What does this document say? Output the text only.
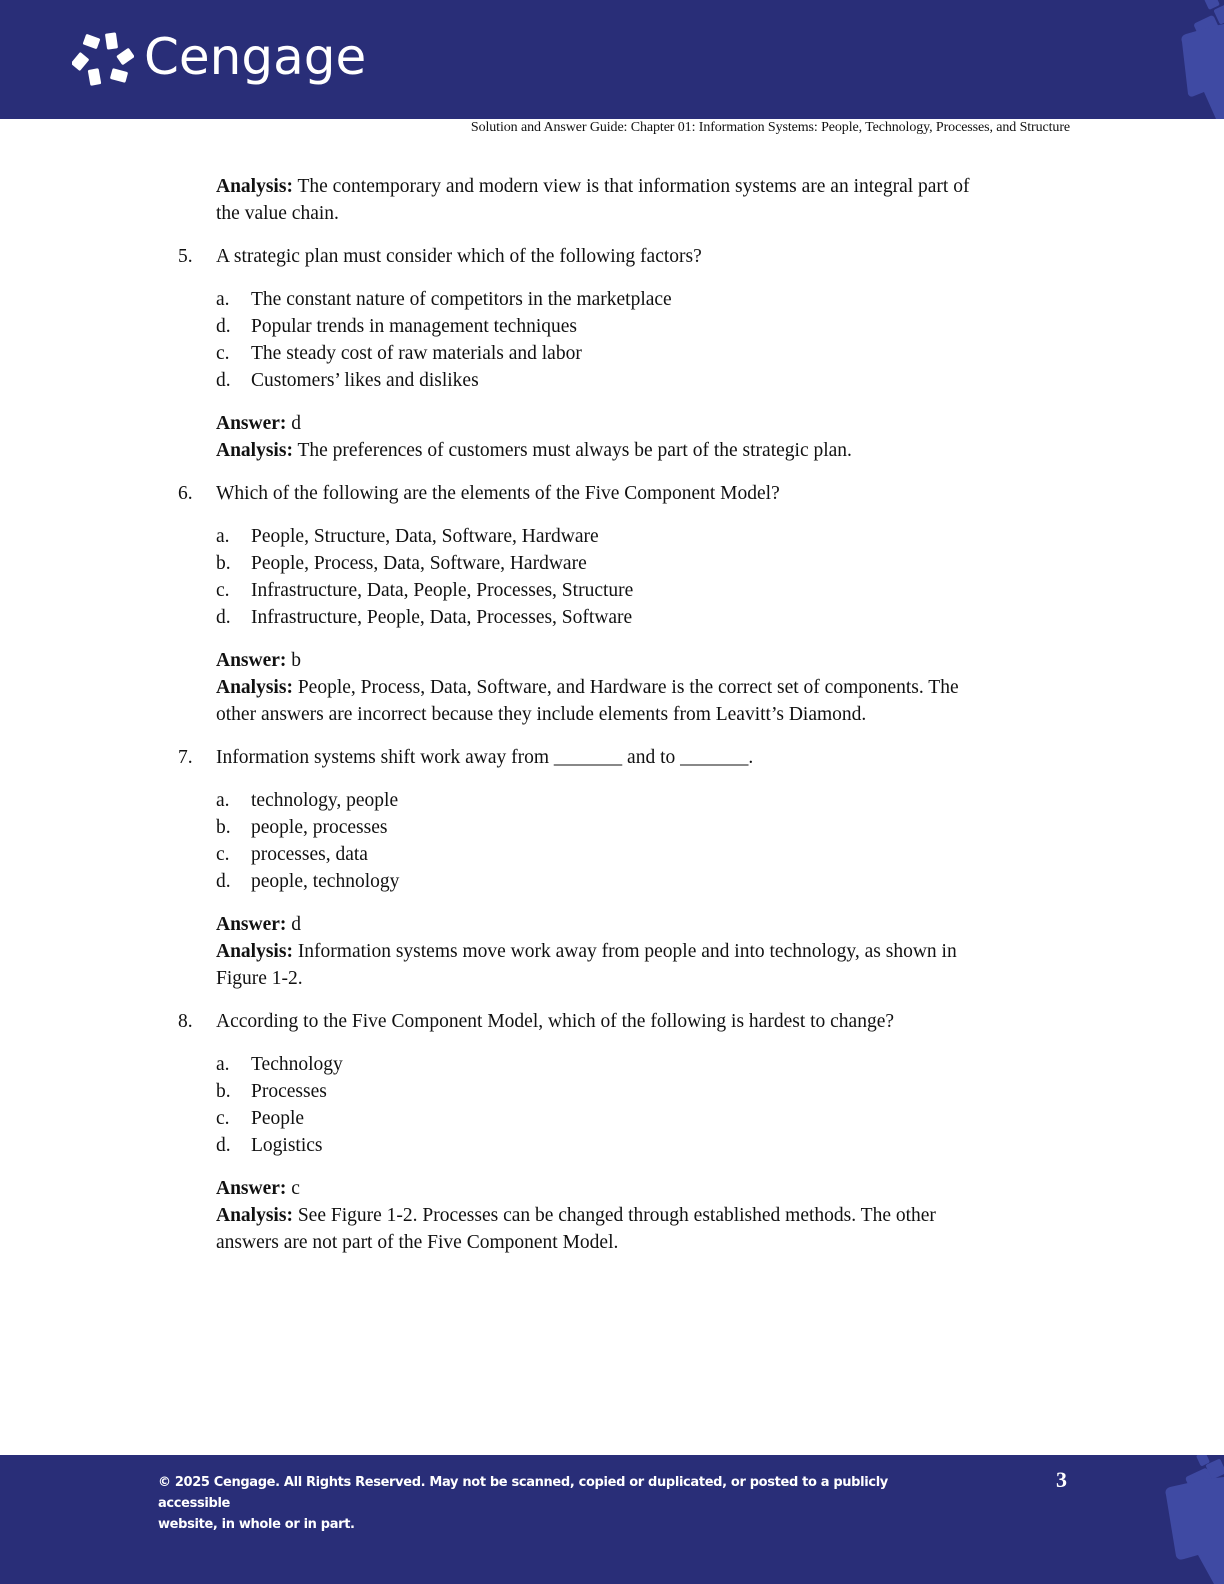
Cengage
Solution and Answer Guide: Chapter 01: Information Systems: People, Technology, Processes, and Structure
Analysis: The contemporary and modern view is that information systems are an integral part of
the value chain.
5. A strategic plan must consider which of the following factors?
a. The constant nature of competitors in the marketplace
d. Popular trends in management techniques
c. The steady cost of raw materials and labor
d. Customers’ likes and dislikes
Answer: d
Analysis: The preferences of customers must always be part of the strategic plan.
6. Which of the following are the elements of the Five Component Model?
a. People, Structure, Data, Software, Hardware
b. People, Process, Data, Software, Hardware
c. Infrastructure, Data, People, Processes, Structure
d. Infrastructure, People, Data, Processes, Software
Answer: b
Analysis: People, Process, Data, Software, and Hardware is the correct set of components. The
other answers are incorrect because they include elements from Leavitt’s Diamond.
7. Information systems shift work away from _______ and to _______.
a. technology, people
b. people, processes
c. processes, data
d. people, technology
Answer: d
Analysis: Information systems move work away from people and into technology, as shown in
Figure 1-2.
8. According to the Five Component Model, which of the following is hardest to change?
a. Technology
b. Processes
c. People
d. Logistics
Answer: c
Analysis: See Figure 1-2. Processes can be changed through established methods. The other
answers are not part of the Five Component Model.
© 2025 Cengage. All Rights Reserved. May not be scanned, copied or duplicated, or posted to a publicly accessible
website, in whole or in part.
3
